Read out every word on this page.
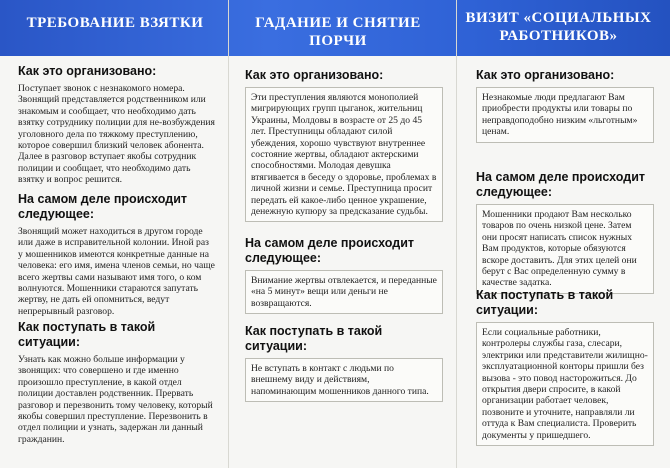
ТРЕБОВАНИЕ ВЗЯТКИ	ГАДАНИЕ И СНЯТИЕ ПОРЧИ
ВИЗИТ «СОЦИАЛЬНЫХ РАБОТНИКОВ»
Как это организовано:
Поступает звонок с незнакомого номера. Звонящий представляется родственником или знакомым и сообщает, что необходимо дать взятку сотруднику полиции для не-возбуждения уголовного дела по тяжкому преступлению, которое совершил близкий человек абонента. Далее в разговор вступает якобы сотрудник полиции и сообщает, что необходимо дать взятку и вопрос решится.
На самом деле происходит следующее:
Звонящий может находиться в другом городе или даже в исправительной колонии. Иной раз у мошенников имеются конкретные данные на человека: его имя, имена членов семьи, но чаще всего жертвы сами называют имя того, о ком волнуются. Мошенники стараются запутать жертву, не дать ей опомниться, ведут непрерывный разговор.
Как поступать в такой ситуации:
Узнать как можно больше информации у звонящих: что совершено и где именно произошло преступление, в какой отдел полиции доставлен родственник. Прервать разговор и перезвонить тому человеку, который якобы совершил преступление. Перезвонить в отдел полиции и узнать, задержан ли данный гражданин.
Как это организовано:
Эти преступления являются монополией мигрирующих групп цыганок, жительниц Украины, Молдовы в возрасте от 25 до 45 лет. Преступницы обладают силой убеждения, хорошо чувствуют внутреннее состояние жертвы, обладают актерскими способностями. Молодая девушка втягивается в беседу о здоровье, проблемах в личной жизни и семье. Преступница просит передать ей какое-либо ценное украшение, денежную купюру за предсказание судьбы.
На самом деле происходит следующее:
Внимание жертвы отвлекается, и переданные «на 5 минут» вещи или деньги не возвращаются.
Как поступать в такой ситуации:
Не вступать в контакт с людьми по внешнему виду и действиям, напоминающим мошенников данного типа.
Как это организовано:
Незнакомые люди предлагают Вам приобрести продукты или товары по неправдоподобно низким «льготным» ценам.
На самом деле происходит следующее:
Мошенники продают Вам несколько товаров по очень низкой цене. Затем они просят написать список нужных Вам продуктов, которые обязуются вскоре доставить. Для этих целей они берут с Вас определенную сумму в качестве задатка.
Как поступать в такой ситуации:
Если социальные работники, контролеры службы газа, слесари, электрики или представители жилищно-эксплуатационной конторы пришли без вызова - это повод насторожиться. До открытия двери спросите, в какой организации работает человек, позвоните и уточните, направляли ли оттуда к Вам специалиста. Проверить документы у пришедшего.
